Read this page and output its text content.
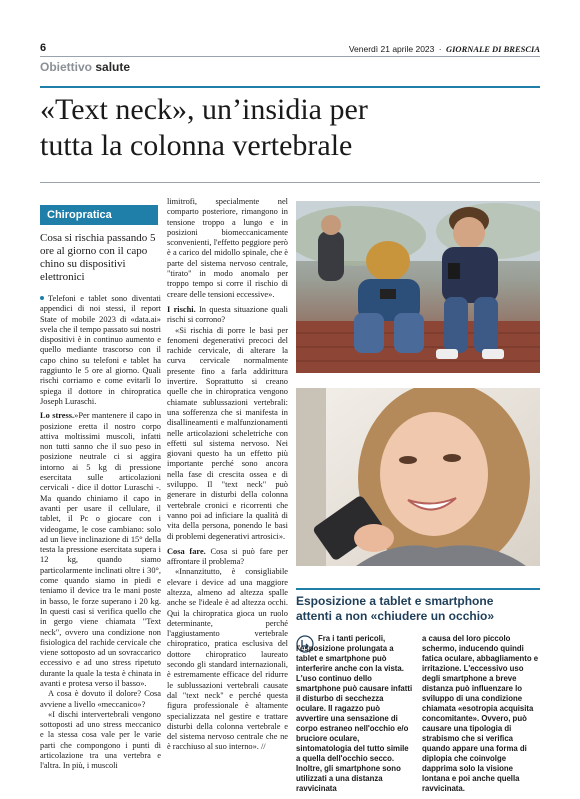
6	Venerdì 21 aprile 2023 · GIORNALE DI BRESCIA
Obiettivo salute
«Text neck», un’insidia per
tutta la colonna vertebrale
Chiropratica
Cosa si rischia passando 5 ore al giorno con il capo chino su dispositivi elettronici

Telefoni e tablet sono diventati appendici di noi stessi, il report State of mobile 2023 di «data.ai» svela che il tempo passato sui nostri dispositivi è in continuo aumento e quello mediante trascorso con il capo chino su telefoni e tablet ha raggiunto le 5 ore al giorno. Quali rischi corriamo e come evitarli lo spiega il dottore in chiropratica Joseph Luraschi.

Lo stress.»Per mantenere il capo in posizione eretta il nostro corpo attiva moltissimi muscoli, infatti non tutti sanno che il suo peso in posizione neutrale ci si aggira intorno ai 5 kg di pressione esercitata sulle articolazioni cervicali - dice il dottor Luraschi -. Ma quando chiniamo il capo in avanti per usare il cellulare, il tablet, il Pc o giocare con i videogame, le cose cambiano: solo ad un lieve inclinazione di 15° della testa la pressione esercitata supera i 12 kg, quando siamo particolarmente inclinati oltre i 30°, come quando siamo in piedi e teniamo il device tra le mani poste in basso, le forze superano i 20 kg. In questi casi si verifica quello che in gergo viene chiamata "Text neck", ovvero una condizione non fisiologica del rachide cervicale che viene sottoposto ad un sovraccarico eccessivo e ad uno stress ripetuto durante la quale la testa è chinata in avanti e protesa verso il basso».

A cosa è dovuto il dolore? Cosa avviene a livello «meccanico»?

«I dischi intervertebrali vengono sottoposti ad uno stress meccanico e la stessa cosa vale per le varie parti che compongono i punti di articolazione tra una vertebra e l'altra. In più, i muscoli

limitrofi, specialmente nel comparto posteriore, rimangono in tensione troppo a lungo e in posizioni biomeccanicamente sconvenienti, l'effetto peggiore però è a carico del midollo spinale, che è parte del sistema nervoso centrale, "tirato" in modo anomalo per troppo tempo si corre il rischio di creare delle tensioni eccessive».

I rischi. In questa situazione quali rischi si corrono?

«Si rischia di porre le basi per fenomeni degenerativi precoci del rachide cervicale, di alterare la curva cervicale normalmente presente fino a farla addirittura invertire. Soprattutto si creano quelle che in chiropratica vengono chiamate sublussazioni vertebrali: una sofferenza che si manifesta in disallineamenti e malfunzionamenti nelle articolazioni scheletriche con effetti sul sistema nervoso. Nei giovani questo ha un effetto più importante perché sono ancora nella fase di crescita ossea e di sviluppo. Il "text neck" può generare in disturbi della colonna vertebrale cronici e ricorrenti che vanno poi ad inficiare la qualità di vita della persona, ponendo le basi di problemi degenerativi artrosici».

Cosa fare. Cosa si può fare per affrontare il problema?

«Innanzitutto, è consigliabile elevare i device ad una maggiore altezza, almeno ad altezza spalle anche se l'ideale è ad altezza occhi. Qui la chiropratica gioca un ruolo determinante, perché l'aggiustamento vertebrale chiropratico, pratica esclusiva del dottore chiropratico laureato secondo gli standard internazionali, è estremamente efficace del ridurre le sublussazioni vertebrali causate dal "text neck" e perché questa figura professionale è altamente specializzata nel gestire e trattare disturbi della colonna vertebrale e del sistema nervoso centrale che ne è racchiuso al suo interno». //

Esposizione a tablet e smartphone
attenti a non «chiudere un occhio»
Fra i tanti pericoli, l'esposizione prolungata a tablet e smartphone può interferire anche con la vista. L'uso continuo dello smartphone può causare infatti il disturbo di secchezza oculare. Il ragazzo può avvertire una sensazione di corpo estraneo nell'occhio e/o bruciore oculare, sintomatologia del tutto simile a quella dell'occhio secco. Inoltre, gli smartphone sono utilizzati a una distanza ravvicinata
a causa del loro piccolo schermo, inducendo quindi fatica oculare, abbagliamento e irritazione. L'eccessivo uso degli smartphone a breve distanza può influenzare lo sviluppo di una condizione chiamata «esotropia acquisita concomitante». Ovvero, può causare una tipologia di strabismo che si verifica quando appare una forma di diplopia che coinvolge dapprima solo la visione lontana e poi anche quella ravvicinata.
